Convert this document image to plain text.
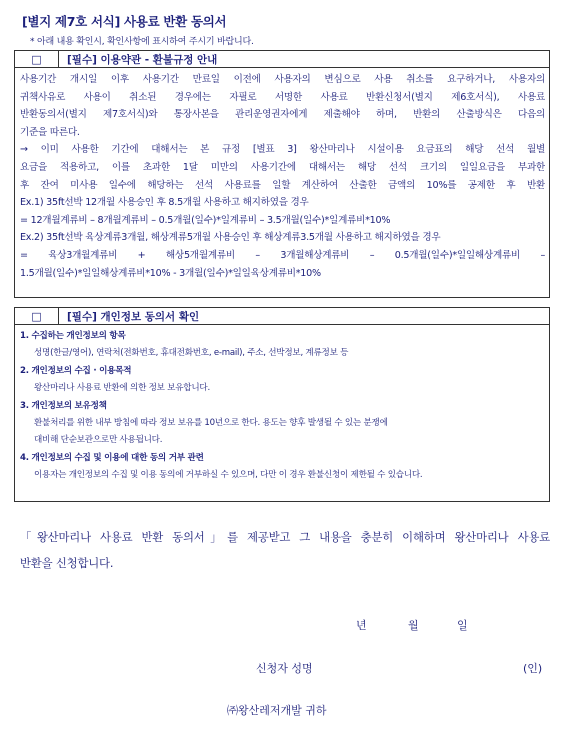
[별지 제7호 서식] 사용료 반환 동의서
* 아래 내용 확인시, 확인사항에 표시하여 주시기 바랍니다.
□	[필수] 이용약관 - 환불규정 안내
사용기간 개시일 이후 사용기간 만료일 이전에 사용자의 변심으로 사용 취소를 요구하거나, 사용자의
귀책사유로 사용이 취소된 경우에는 자필로 서명한 사용료 반환신청서(별지 제6호서식), 사용료
반환동의서(별지 제7호서식)와 통장사본을 관리운영권자에게 제출해야 하며, 반환의 산출방식은 다음의
기준을 따른다.
→ 이미 사용한 기간에 대해서는 본 규정 [별표 3] 왕산마리나 시설이용 요금표의 해당 선석 월별
요금을 적용하고, 이를 초과한 1달 미만의 사용기간에 대해서는 해당 선석 크기의 일일요금을 부과한
후 잔여 미사용 일수에 해당하는 선석 사용료를 일할 계산하여 산출한 금액의 10%를 공제한 후 반환
Ex.1) 35ft선박 12개월 사용승인 후 8.5개월 사용하고 해지하였을 경우
= 12개월계류비 – 8개월계류비 – 0.5개월(일수)*일계류비 – 3.5개월(일수)*일계류비*10%
Ex.2) 35ft선박 육상계류3개월, 해상계류5개월 사용승인 후 해상계류3.5개월 사용하고 해지하였을 경우
= 육상3개월계류비 + 해상5개월계류비 – 3개월해상계류비 – 0.5개월(일수)*일일해상계류비 –
1.5개월(일수)*일일해상계류비*10% - 3개월(일수)*일일육상계류비*10%
□	[필수] 개인정보 동의서 확인
1. 수집하는 개인정보의 항목
성명(한글/영어), 연락처(전화번호, 휴대전화번호, e-mail), 주소, 선박정보, 계류정보 등
2. 개인정보의 수집 · 이용목적
왕산마리나 사용료 반환에 의한 정보 보유합니다.
3. 개인정보의 보유정책
환불처리를 위한 내부 방침에 따라 정보 보유를 10년으로 한다. 용도는 향후 발생될 수 있는 분쟁에
대비해 단순보관으로만 사용됩니다.
4. 개인정보의 수집 및 이용에 대한 동의 거부 관련
이용자는 개인정보의 수집 및 이용 동의에 거부하실 수 있으며, 다만 이 경우 환불신청이 제한될 수 있습니다.
「왕산마리나 사용료 반환 동의서」를 제공받고 그 내용을 충분히 이해하며 왕산마리나 사용료
반환을 신청합니다.
년	월	일
신청자 성명	(인)
㈜왕산레저개발 귀하
